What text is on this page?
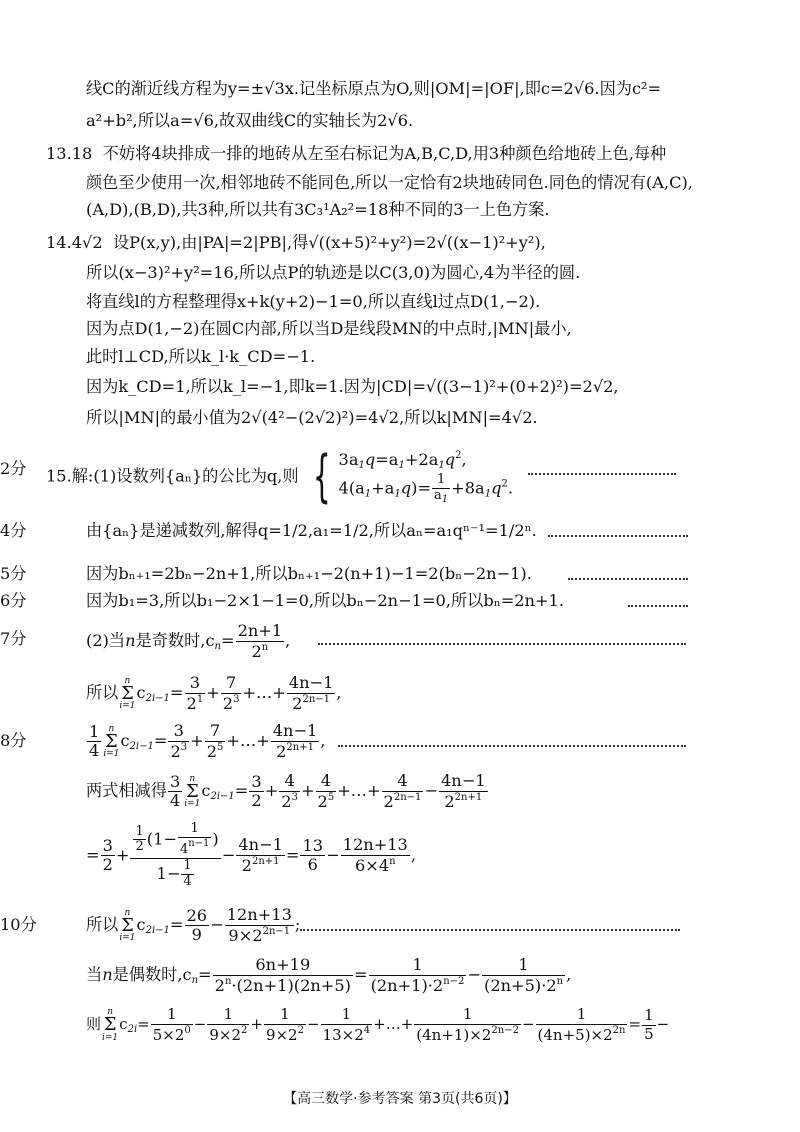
线C的渐近线方程为y=±√3x.记坐标原点为O,则|OM|=|OF|,即c=2√6.因为c²=
a²+b²,所以a=√6,故双曲线C的实轴长为2√6.
13.18 不妨将4块排成一排的地砖从左至右标记为A,B,C,D,用3种颜色给地砖上色,每种
颜色至少使用一次,相邻地砖不能同色,所以一定恰有2块地砖同色.同色的情况有(A,C),
(A,D),(B,D),共3种,所以共有3C₃¹A₂²=18种不同的3一上色方案.
14.4√2 设P(x,y),由|PA|=2|PB|,得√((x+5)²+y²)=2√((x−1)²+y²),
所以(x−3)²+y²=16,所以点P的轨迹是以C(3,0)为圆心,4为半径的圆.
将直线l的方程整理得x+k(y+2)−1=0,所以直线l过点D(1,−2).
因为点D(1,−2)在圆C内部,所以当D是线段MN的中点时,|MN|最小,
此时l⊥CD,所以k_l·k_CD=−1.
因为k_CD=1,所以k_l=−1,即k=1.因为|CD|=√((3−1)²+(0+2)²)=2√2,
所以|MN|的最小值为2√(4²−(2√2)²)=4√2,所以k|MN|=4√2.
15.解:(1)设数列{aₙ}的公比为q,则 { $3a_1q=a_1+2a_1q^2$,
$4(a_1+a_1q)= \frac{1}{a_1} +8a_1q^2$.
2分
由{aₙ}是递减数列,解得q=1/2,a₁=1/2,所以aₙ=a₁qⁿ⁻¹=1/2ⁿ.
4分
因为bₙ₊₁=2bₙ−2n+1,所以bₙ₊₁−2(n+1)−1=2(bₙ−2n−1).
5分
因为b₁=3,所以b₁−2×1−1=0,所以bₙ−2n−1=0,所以bₙ=2n+1.
6分
(2)当n是奇数时$,c_n= \frac{2n+1}{2^n}$ ,
7分
所以
n
Σ
i=1
$c_{2i-1}= \frac{3}{2^1} + \frac{7}{2^3}$ +…+ $\frac{4n-1}{2^{2n-1}}$ ,
$\frac{1}{4}$ n
Σ
i=1
$c_{2i-1}= \frac{3}{2^3} + \frac{7}{2^5}$ +…+ $\frac{4n-1}{2^{2n+1}}$ ,
8分
两式相减得 $\frac{3}{4}$ n
Σ
i=1
$c_{2i-1}= \frac{3}{2} + \frac{4}{2^3} + \frac{4}{2^5}$ +…+ $\frac{4}{2^{2n-1}} - \frac{4n-1}{2^{2n+1}}$
= $\frac{3}{2} + \frac{\frac{1}{2} (1- \frac{1}{4^{n-1}} )}{1- \frac{1}{4}} - \frac{4n-1}{2^{2n+1}} = \frac{13}{6} - \frac{12n+13}{6\times 4^n}$ ,
所以
n
Σ
i=1
$c_{2i-1}= \frac{26}{9} - \frac{12n+13}{9\times 2^{2n-1}}$ ;
10分
当n是偶数时$,c_n= \frac{6n+19}{2^n\cdot(2n+1)(2n+5)} = \frac{1}{(2n+1)\cdot 2^{n-2}} - \frac{1}{(2n+5)\cdot 2^n}$ ,
则
n
Σ
i=1
$c_{2i}= \frac{1}{5\times 2^0} - \frac{1}{9\times 2^2} + \frac{1}{9\times 2^2} - \frac{1}{13\times 2^4}$ +…+ $\frac{1}{(4n+1)\times 2^{2n-2}} - \frac{1}{(4n+5)\times 2^{2n}} = \frac{1}{5}$ −
【高三数学·参考答案 第3页(共6页)】
